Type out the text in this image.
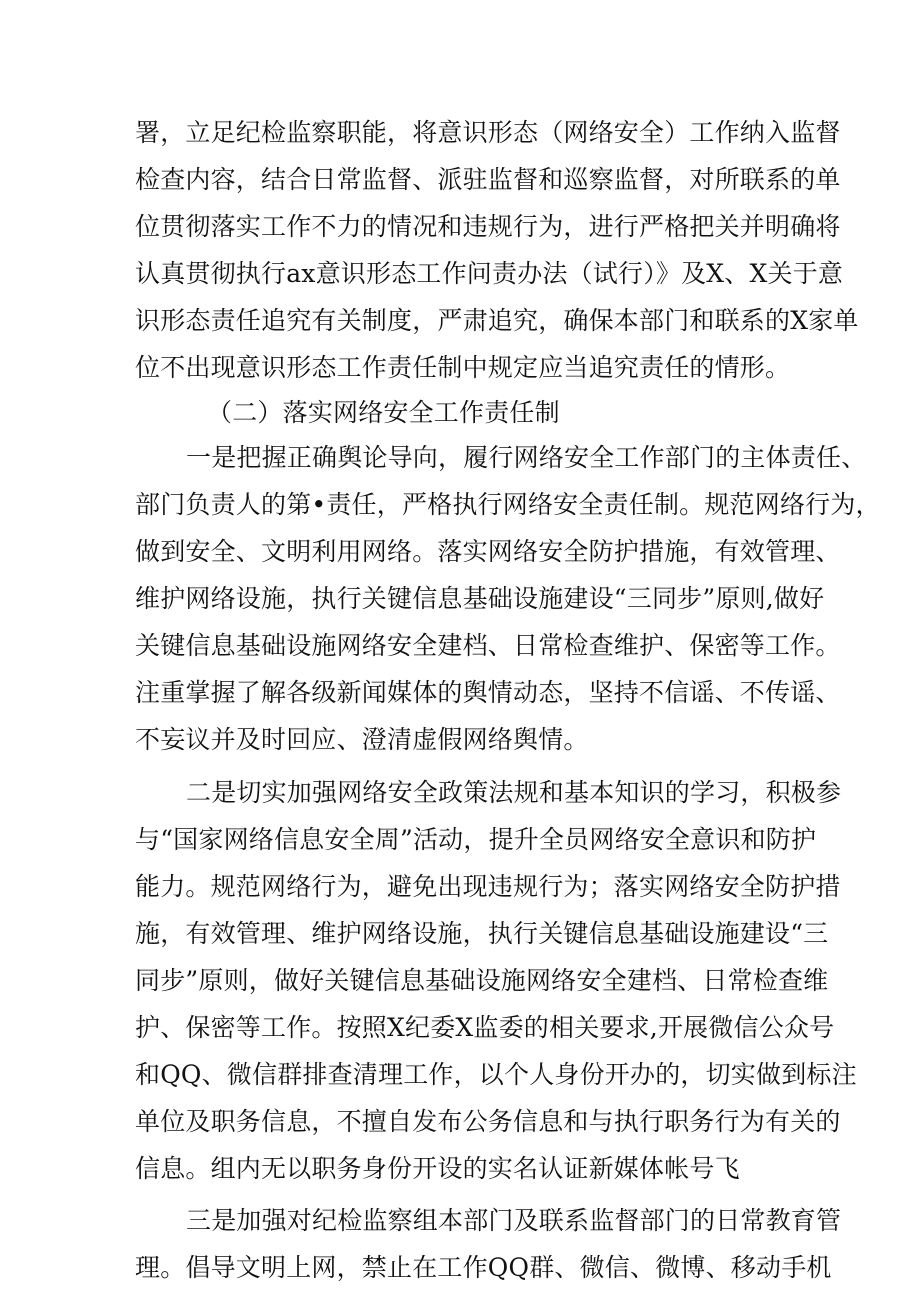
署，立足纪检监察职能，将意识形态（网络安全）工作纳入监督
检查内容，结合日常监督、派驻监督和巡察监督，对所联系的单
位贯彻落实工作不力的情况和违规行为，进行严格把关并明确将
认真贯彻执行ax意识形态工作问责办法（试行）》及X、X关于意
识形态责任追究有关制度，严肃追究，确保本部门和联系的X家单
位不出现意识形态工作责任制中规定应当追究责任的情形。
（二）落实网络安全工作责任制
一是把握正确舆论导向，履行网络安全工作部门的主体责任、
部门负责人的第•责任，严格执行网络安全责任制。规范网络行为，
做到安全、文明利用网络。落实网络安全防护措施，有效管理、
维护网络设施，执行关键信息基础设施建设“三同步”原则,做好
关键信息基础设施网络安全建档、日常检查维护、保密等工作。
注重掌握了解各级新闻媒体的舆情动态，坚持不信谣、不传谣、
不妄议并及时回应、澄清虚假网络舆情。
二是切实加强网络安全政策法规和基本知识的学习，积极参
与“国家网络信息安全周”活动，提升全员网络安全意识和防护
能力。规范网络行为，避免出现违规行为；落实网络安全防护措
施，有效管理、维护网络设施，执行关键信息基础设施建设“三
同步”原则，做好关键信息基础设施网络安全建档、日常检查维
护、保密等工作。按照X纪委X监委的相关要求,开展微信公众号
和QQ、微信群排查清理工作，以个人身份开办的，切实做到标注
单位及职务信息，不擅自发布公务信息和与执行职务行为有关的
信息。组内无以职务身份开设的实名认证新媒体帐号飞
三是加强对纪检监察组本部门及联系监督部门的日常教育管
理。倡导文明上网，禁止在工作QQ群、微信、微博、移动手机
